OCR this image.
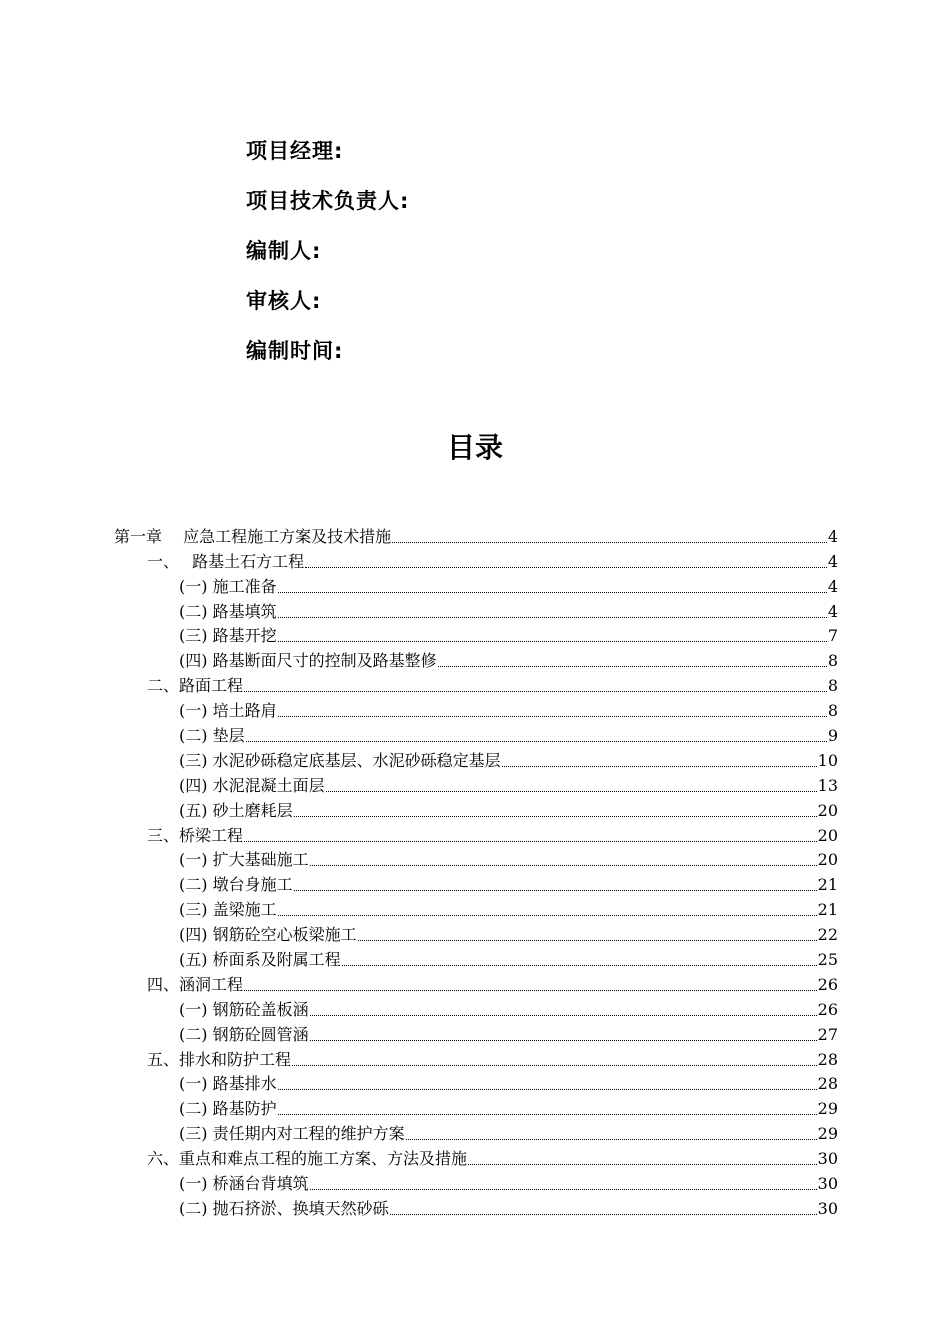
项目经理:
项目技术负责人:
编制人:
审核人:
编制时间:
目录
第一章　 应急工程施工方案及技术措施	4
一、　 路基土石方工程	4
(一) 施工准备	4
(二) 路基填筑	4
(三) 路基开挖	7
(四) 路基断面尺寸的控制及路基整修	8
二、路面工程	8
(一) 培土路肩	8
(二) 垫层	9
(三) 水泥砂砾稳定底基层、水泥砂砾稳定基层	10
(四) 水泥混凝土面层	13
(五) 砂土磨耗层	20
三、桥梁工程	20
(一) 扩大基础施工	20
(二) 墩台身施工	21
(三) 盖梁施工	21
(四) 钢筋砼空心板梁施工	22
(五) 桥面系及附属工程	25
四、涵洞工程	26
(一) 钢筋砼盖板涵	26
(二) 钢筋砼圆管涵	27
五、排水和防护工程	28
(一) 路基排水	28
(二) 路基防护	29
(三) 责任期内对工程的维护方案	29
六、重点和难点工程的施工方案、方法及措施	30
(一) 桥涵台背填筑	30
(二) 抛石挤淤、换填天然砂砾	30
